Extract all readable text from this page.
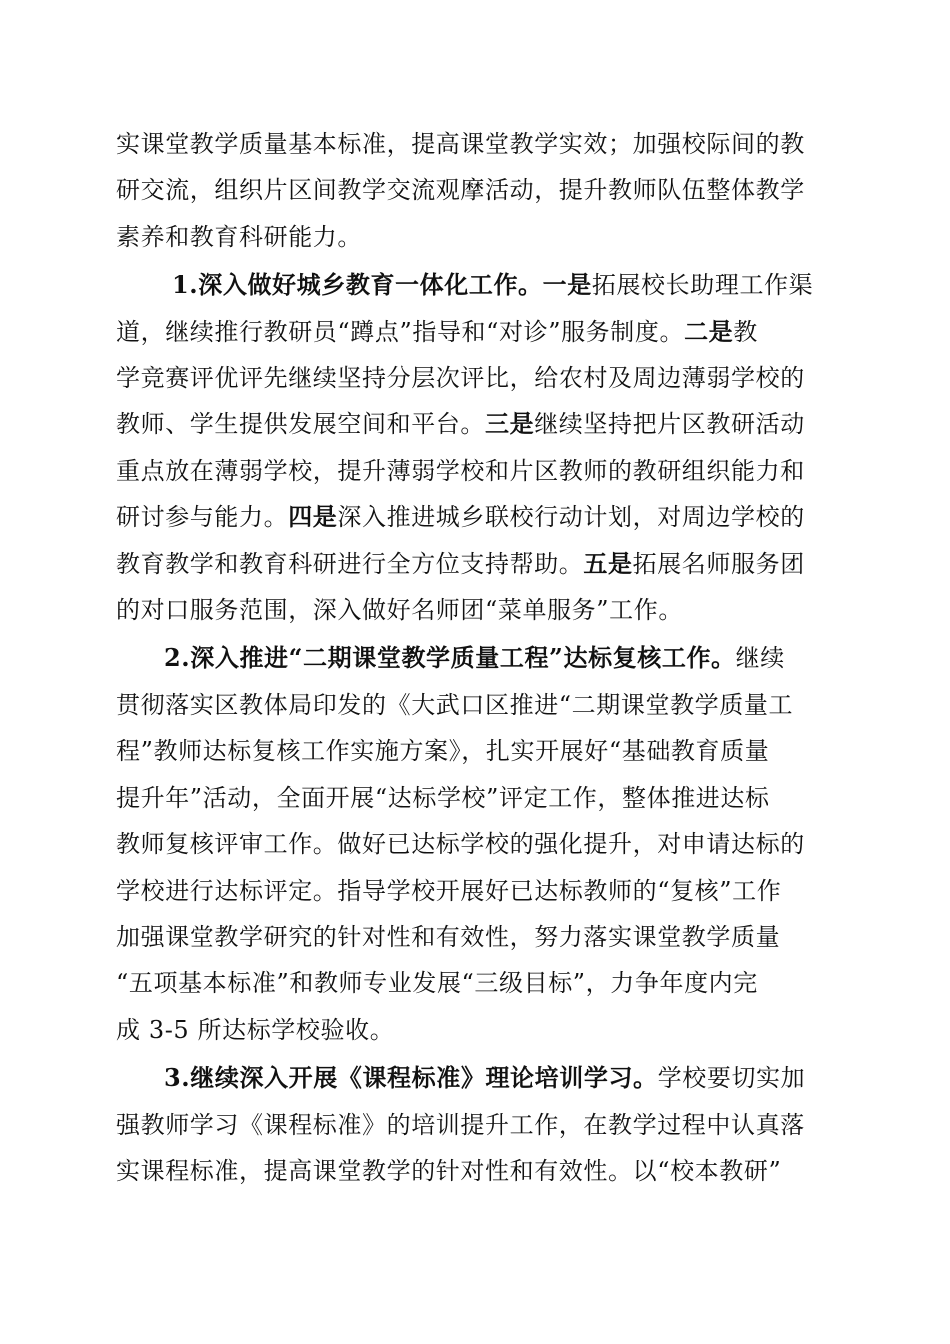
实课堂教学质量基本标准，提高课堂教学实效；加强校际间的教
研交流，组织片区间教学交流观摩活动，提升教师队伍整体教学
素养和教育科研能力。
1.深入做好城乡教育一体化工作。一是拓展校长助理工作渠
道，继续推行教研员“蹲点”指导和“对诊”服务制度。二是教
学竞赛评优评先继续坚持分层次评比，给农村及周边薄弱学校的
教师、学生提供发展空间和平台。三是继续坚持把片区教研活动
重点放在薄弱学校，提升薄弱学校和片区教师的教研组织能力和
研讨参与能力。四是深入推进城乡联校行动计划，对周边学校的
教育教学和教育科研进行全方位支持帮助。五是拓展名师服务团
的对口服务范围，深入做好名师团“菜单服务”工作。
2.深入推进“二期课堂教学质量工程”达标复核工作。继续
贯彻落实区教体局印发的《大武口区推进“二期课堂教学质量工
程”教师达标复核工作实施方案》，扎实开展好“基础教育质量
提升年”活动，全面开展“达标学校”评定工作，整体推进达标
教师复核评审工作。做好已达标学校的强化提升，对申请达标的
学校进行达标评定。指导学校开展好已达标教师的“复核”工作
加强课堂教学研究的针对性和有效性，努力落实课堂教学质量
“五项基本标准”和教师专业发展“三级目标”，力争年度内完
成 3-5 所达标学校验收。
3.继续深入开展《课程标准》理论培训学习。学校要切实加
强教师学习《课程标准》的培训提升工作，在教学过程中认真落
实课程标准，提高课堂教学的针对性和有效性。以“校本教研”
